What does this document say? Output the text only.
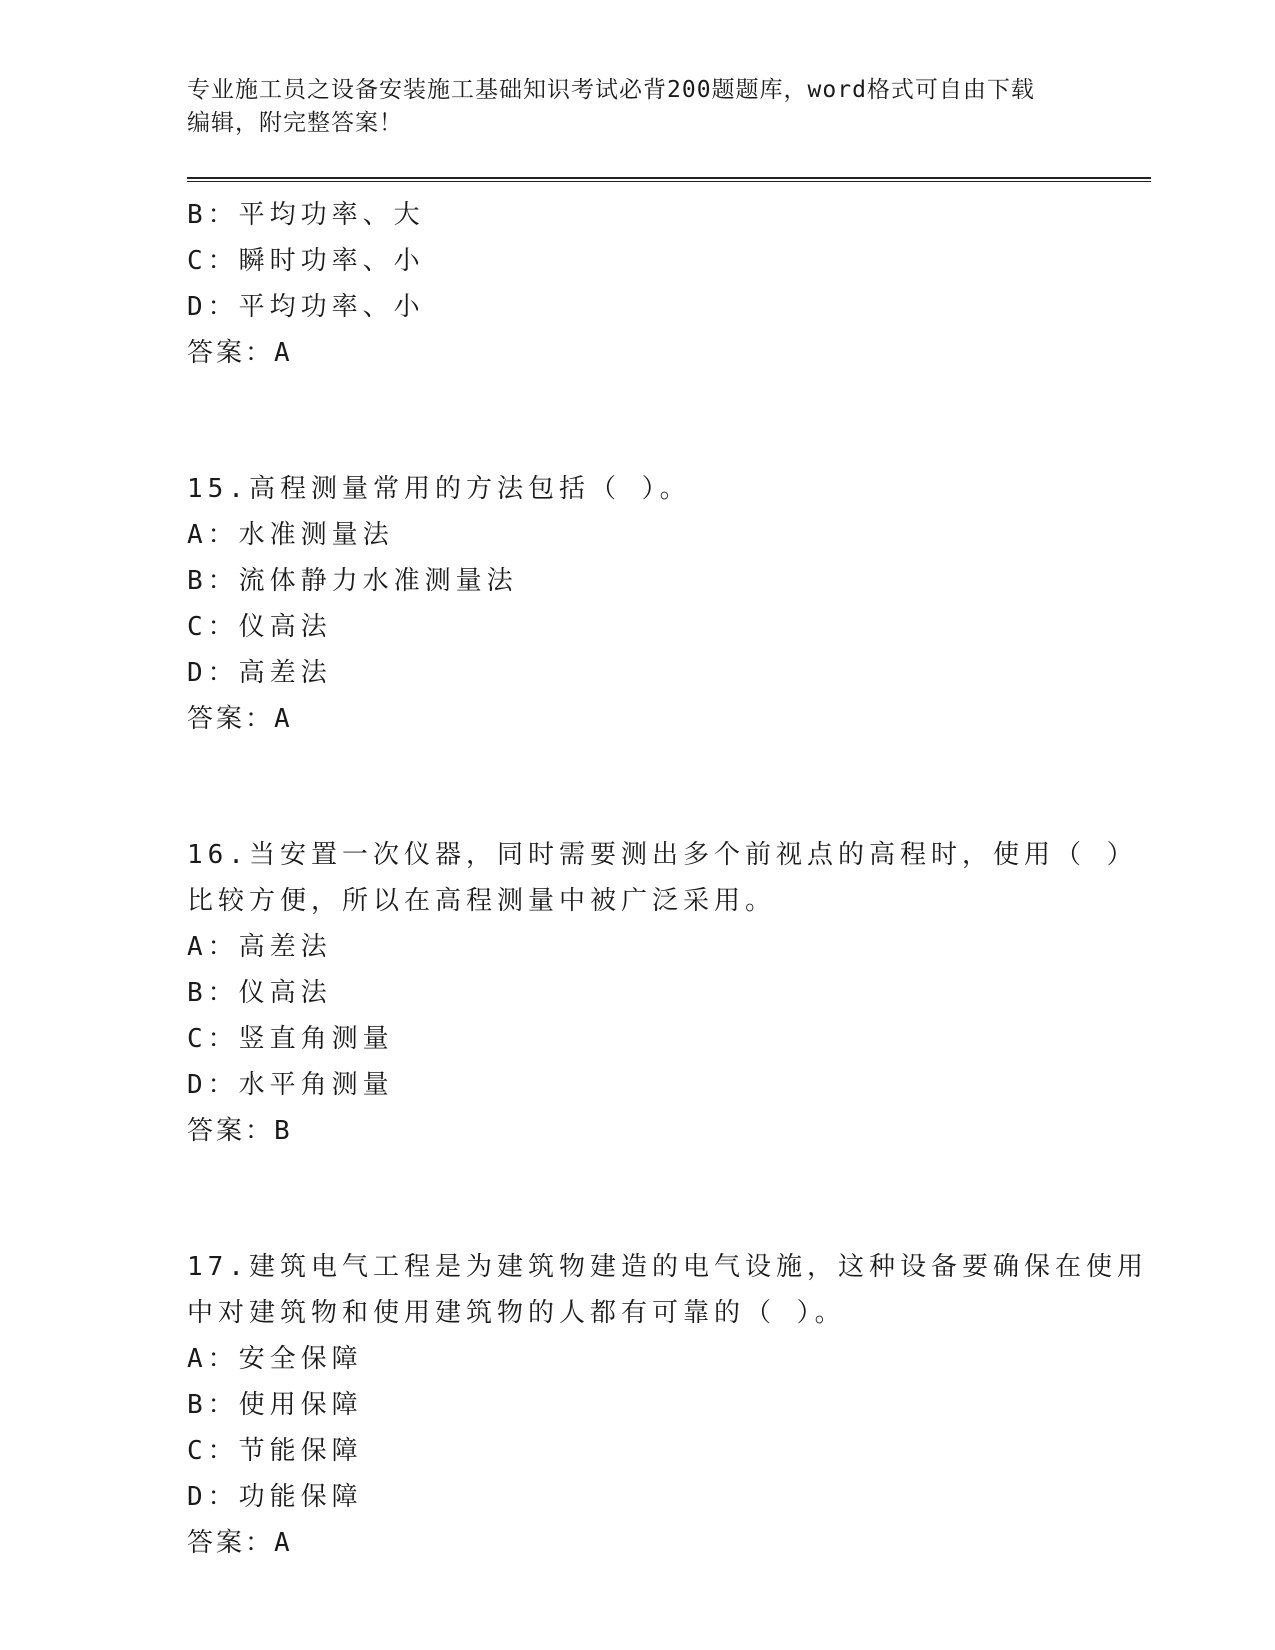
专业施工员之设备安装施工基础知识考试必背200题题库，word格式可自由下载
编辑，附完整答案！
B：平均功率、大
C：瞬时功率、小
D：平均功率、小
答案：A
15.高程测量常用的方法包括（ ）。
A：水准测量法
B：流体静力水准测量法
C：仪高法
D：高差法
答案：A
16.当安置一次仪器，同时需要测出多个前视点的高程时，使用（ ）
比较方便，所以在高程测量中被广泛采用。
A：高差法
B：仪高法
C：竖直角测量
D：水平角测量
答案：B
17.建筑电气工程是为建筑物建造的电气设施，这种设备要确保在使用
中对建筑物和使用建筑物的人都有可靠的（ ）。
A：安全保障
B：使用保障
C：节能保障
D：功能保障
答案：A
